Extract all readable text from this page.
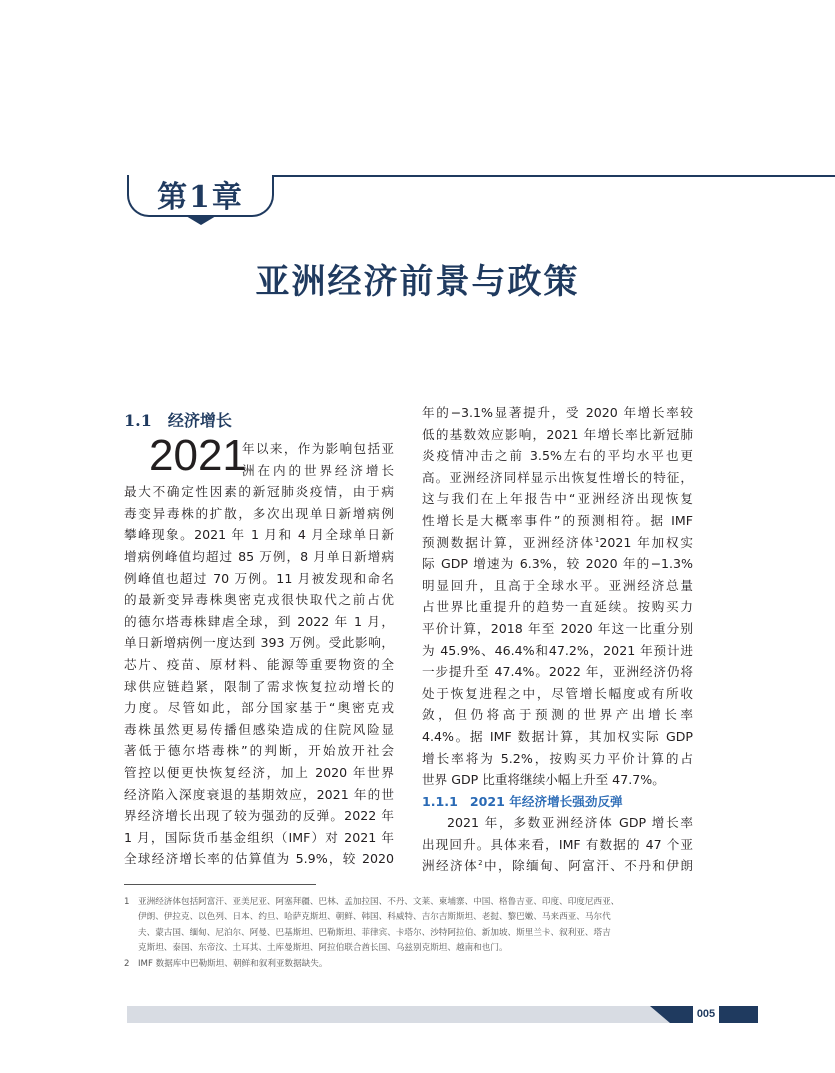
第1章
亚洲经济前景与政策
1.1 经济增长
2021
年以来，作为影响包括亚
洲在内的世界经济增长
最大不确定性因素的新冠肺炎疫情，由于病
毒变异毒株的扩散，多次出现单日新增病例
攀峰现象。2021 年 1 月和 4 月全球单日新
增病例峰值均超过 85 万例，8 月单日新增病
例峰值也超过 70 万例。11 月被发现和命名
的最新变异毒株奥密克戎很快取代之前占优
的德尔塔毒株肆虐全球，到 2022 年 1 月，
单日新增病例一度达到 393 万例。受此影响，
芯片、疫苗、原材料、能源等重要物资的全
球供应链趋紧，限制了需求恢复拉动增长的
力度。尽管如此，部分国家基于“奥密克戎
毒株虽然更易传播但感染造成的住院风险显
著低于德尔塔毒株”的判断，开始放开社会
管控以便更快恢复经济，加上 2020 年世界
经济陷入深度衰退的基期效应，2021 年的世
界经济增长出现了较为强劲的反弹。2022 年
1 月，国际货币基金组织（IMF）对 2021 年
全球经济增长率的估算值为 5.9%，较 2020
年的−3.1%显著提升，受 2020 年增长率较
低的基数效应影响，2021 年增长率比新冠肺
炎疫情冲击之前 3.5%左右的平均水平也更
高。亚洲经济同样显示出恢复性增长的特征，
这与我们在上年报告中“亚洲经济出现恢复
性增长是大概率事件”的预测相符。据 IMF
预测数据计算，亚洲经济体$^1$2021 年加权实
际 GDP 增速为 6.3%，较 2020 年的−1.3%
明显回升，且高于全球水平。亚洲经济总量
占世界比重提升的趋势一直延续。按购买力
平价计算，2018 年至 2020 年这一比重分别
为 45.9%、46.4%和47.2%，2021 年预计进
一步提升至 47.4%。2022 年，亚洲经济仍将
处于恢复进程之中，尽管增长幅度或有所收
敛，但仍将高于预测的世界产出增长率
4.4%。据 IMF 数据计算，其加权实际 GDP
增长率将为 5.2%，按购买力平价计算的占
世界 GDP 比重将继续小幅上升至 47.7%。
1.1.1 2021 年经济增长强劲反弹
2021 年，多数亚洲经济体 GDP 增长率
出现回升。具体来看，IMF 有数据的 47 个亚
洲经济体$^2$中，除缅甸、阿富汗、不丹和伊朗
1 亚洲经济体包括阿富汗、亚美尼亚、阿塞拜疆、巴林、孟加拉国、不丹、文莱、柬埔寨、中国、格鲁吉亚、印度、印度尼西亚、
伊朗、伊拉克、以色列、日本、约旦、哈萨克斯坦、朝鲜、韩国、科威特、吉尔吉斯斯坦、老挝、黎巴嫩、马来西亚、马尔代
夫、蒙古国、缅甸、尼泊尔、阿曼、巴基斯坦、巴勒斯坦、菲律宾、卡塔尔、沙特阿拉伯、新加坡、斯里兰卡、叙利亚、塔吉
克斯坦、泰国、东帝汶、土耳其、土库曼斯坦、阿拉伯联合酋长国、乌兹别克斯坦、越南和也门。
2 IMF 数据库中巴勒斯坦、朝鲜和叙利亚数据缺失。
005
